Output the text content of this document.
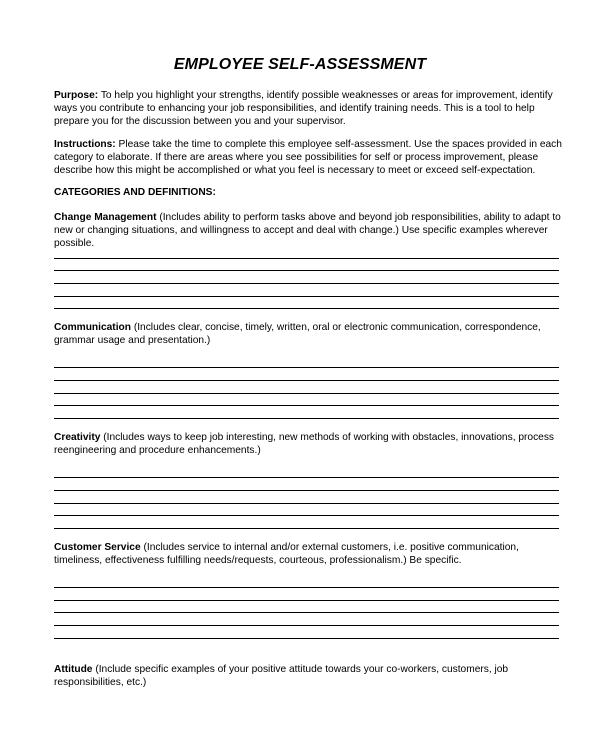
EMPLOYEE SELF-ASSESSMENT

Purpose: To help you highlight your strengths, identify possible weaknesses or areas for improvement, identify ways you contribute to enhancing your job responsibilities, and identify training needs. This is a tool to help prepare you for the discussion between you and your supervisor.

Instructions: Please take the time to complete this employee self-assessment. Use the spaces provided in each category to elaborate. If there are areas where you see possibilities for self or process improvement, please describe how this might be accomplished or what you feel is necessary to meet or exceed self-expectation.

CATEGORIES AND DEFINITIONS:

Change Management (Includes ability to perform tasks above and beyond job responsibilities, ability to adapt to new or changing situations, and willingness to accept and deal with change.) Use specific examples wherever possible.

Communication (Includes clear, concise, timely, written, oral or electronic communication, correspondence, grammar usage and presentation.)

Creativity (Includes ways to keep job interesting, new methods of working with obstacles, innovations, process reengineering and procedure enhancements.)

Customer Service (Includes service to internal and/or external customers, i.e. positive communication, timeliness, effectiveness fulfilling needs/requests, courteous, professionalism.) Be specific.

Attitude (Include specific examples of your positive attitude towards your co-workers, customers, job responsibilities, etc.)
